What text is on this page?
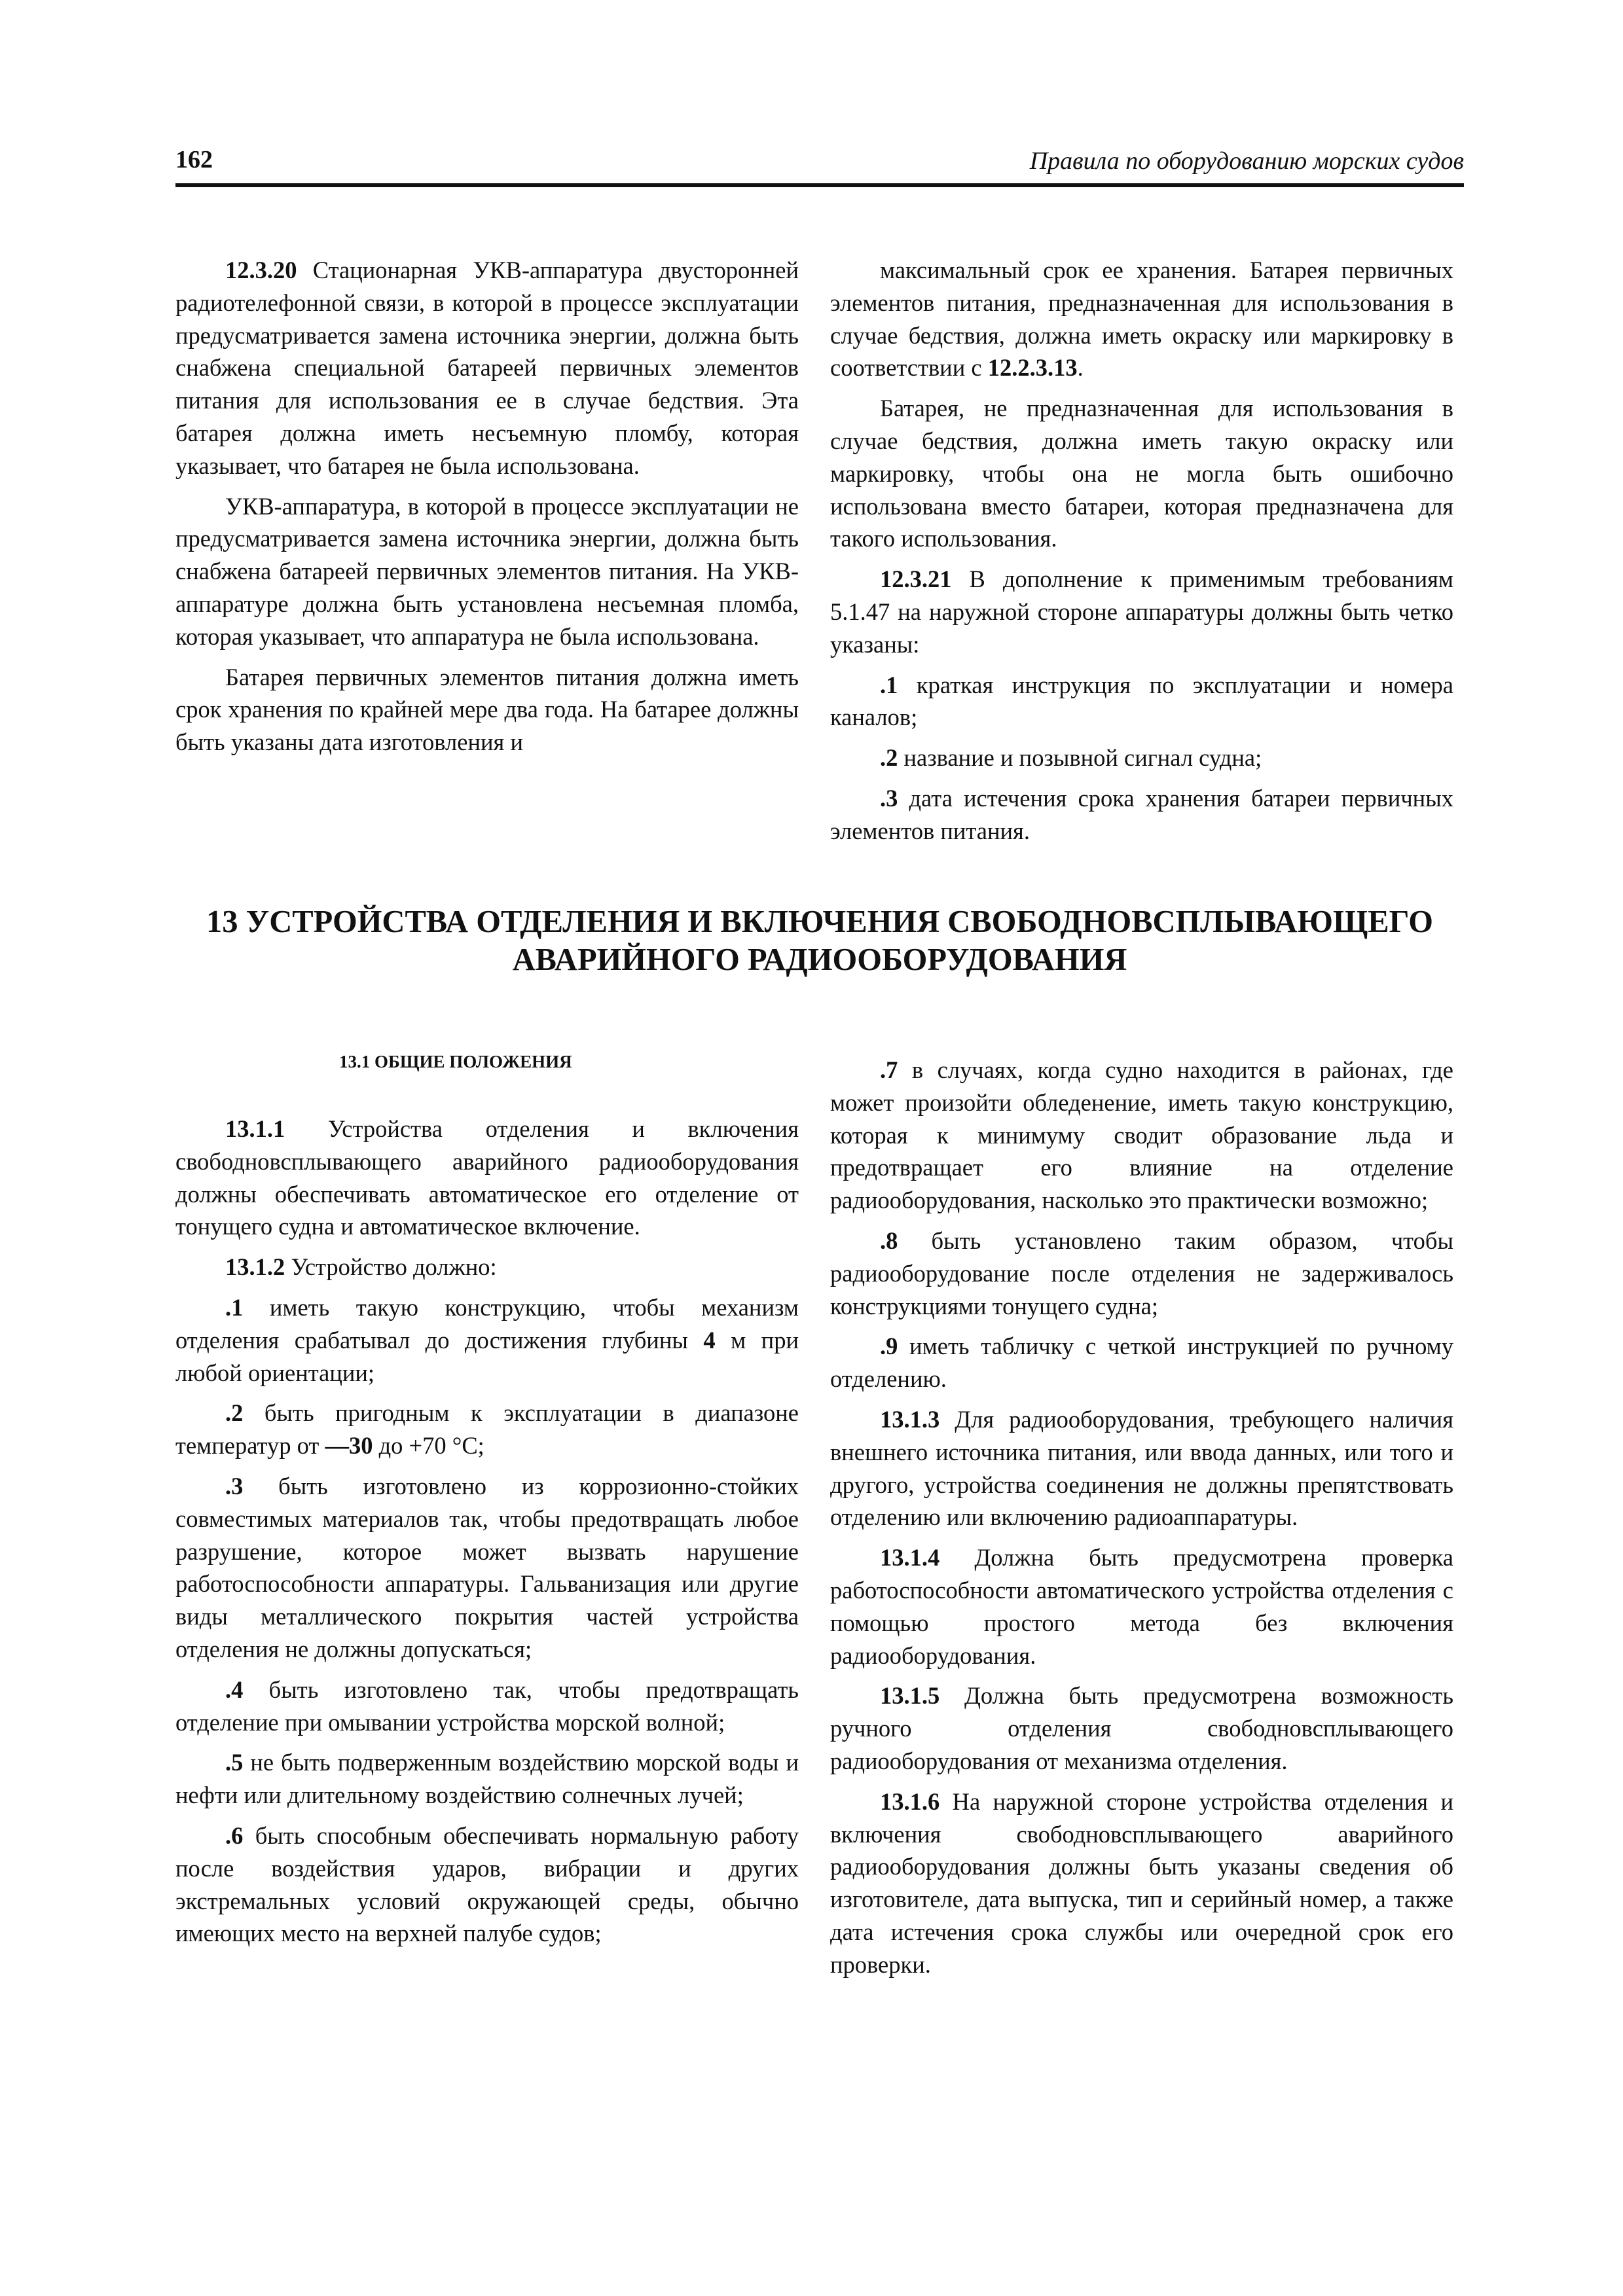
162	Правила по оборудованию морских судов

12.3.20 Стационарная УКВ-аппаратура двусторонней радиотелефонной связи, в которой в процессе эксплуатации предусматривается замена источника энергии, должна быть снабжена специальной батареей первичных элементов питания для использования ее в случае бедствия. Эта батарея должна иметь несъемную пломбу, которая указывает, что батарея не была использована.

УКВ-аппаратура, в которой в процессе эксплуатации не предусматривается замена источника энергии, должна быть снабжена батареей первичных элементов питания. На УКВ-аппаратуре должна быть установлена несъемная пломба, которая указывает, что аппаратура не была использована.

Батарея первичных элементов питания должна иметь срок хранения по крайней мере два года. На батарее должны быть указаны дата изготовления и

максимальный срок ее хранения. Батарея первичных элементов питания, предназначенная для использования в случае бедствия, должна иметь окраску или маркировку в соответствии с 12.2.3.13.

Батарея, не предназначенная для использования в случае бедствия, должна иметь такую окраску или маркировку, чтобы она не могла быть ошибочно использована вместо батареи, которая предназначена для такого использования.

12.3.21 В дополнение к применимым требованиям 5.1.47 на наружной стороне аппаратуры должны быть четко указаны:

.1 краткая инструкция по эксплуатации и номера каналов;

.2 название и позывной сигнал судна;

.3 дата истечения срока хранения батареи первичных элементов питания.

13 УСТРОЙСТВА ОТДЕЛЕНИЯ И ВКЛЮЧЕНИЯ СВОБОДНОВСПЛЫВАЮЩЕГО
АВАРИЙНОГО РАДИООБОРУДОВАНИЯ
13.1 ОБЩИЕ ПОЛОЖЕНИЯ

13.1.1 Устройства отделения и включения свободновсплывающего аварийного радиооборудования должны обеспечивать автоматическое его отделение от тонущего судна и автоматическое включение.

13.1.2 Устройство должно:

.1 иметь такую конструкцию, чтобы механизм отделения срабатывал до достижения глубины 4 м при любой ориентации;

.2 быть пригодным к эксплуатации в диапазоне температур от —30 до +70 °C;

.3 быть изготовлено из коррозионно-стойких совместимых материалов так, чтобы предотвращать любое разрушение, которое может вызвать нарушение работоспособности аппаратуры. Гальванизация или другие виды металлического покрытия частей устройства отделения не должны допускаться;

.4 быть изготовлено так, чтобы предотвращать отделение при омывании устройства морской волной;

.5 не быть подверженным воздействию морской воды и нефти или длительному воздействию солнечных лучей;

.6 быть способным обеспечивать нормальную работу после воздействия ударов, вибрации и других экстремальных условий окружающей среды, обычно имеющих место на верхней палубе судов;

.7 в случаях, когда судно находится в районах, где может произойти обледенение, иметь такую конструкцию, которая к минимуму сводит образование льда и предотвращает его влияние на отделение радиооборудования, насколько это практически возможно;

.8 быть установлено таким образом, чтобы радиооборудование после отделения не задерживалось конструкциями тонущего судна;

.9 иметь табличку с четкой инструкцией по ручному отделению.

13.1.3 Для радиооборудования, требующего наличия внешнего источника питания, или ввода данных, или того и другого, устройства соединения не должны препятствовать отделению или включению радиоаппаратуры.

13.1.4 Должна быть предусмотрена проверка работоспособности автоматического устройства отделения с помощью простого метода без включения радиооборудования.

13.1.5 Должна быть предусмотрена возможность ручного отделения свободновсплывающего радиооборудования от механизма отделения.

13.1.6 На наружной стороне устройства отделения и включения свободновсплывающего аварийного радиооборудования должны быть указаны сведения об изготовителе, дата выпуска, тип и серийный номер, а также дата истечения срока службы или очередной срок его проверки.
